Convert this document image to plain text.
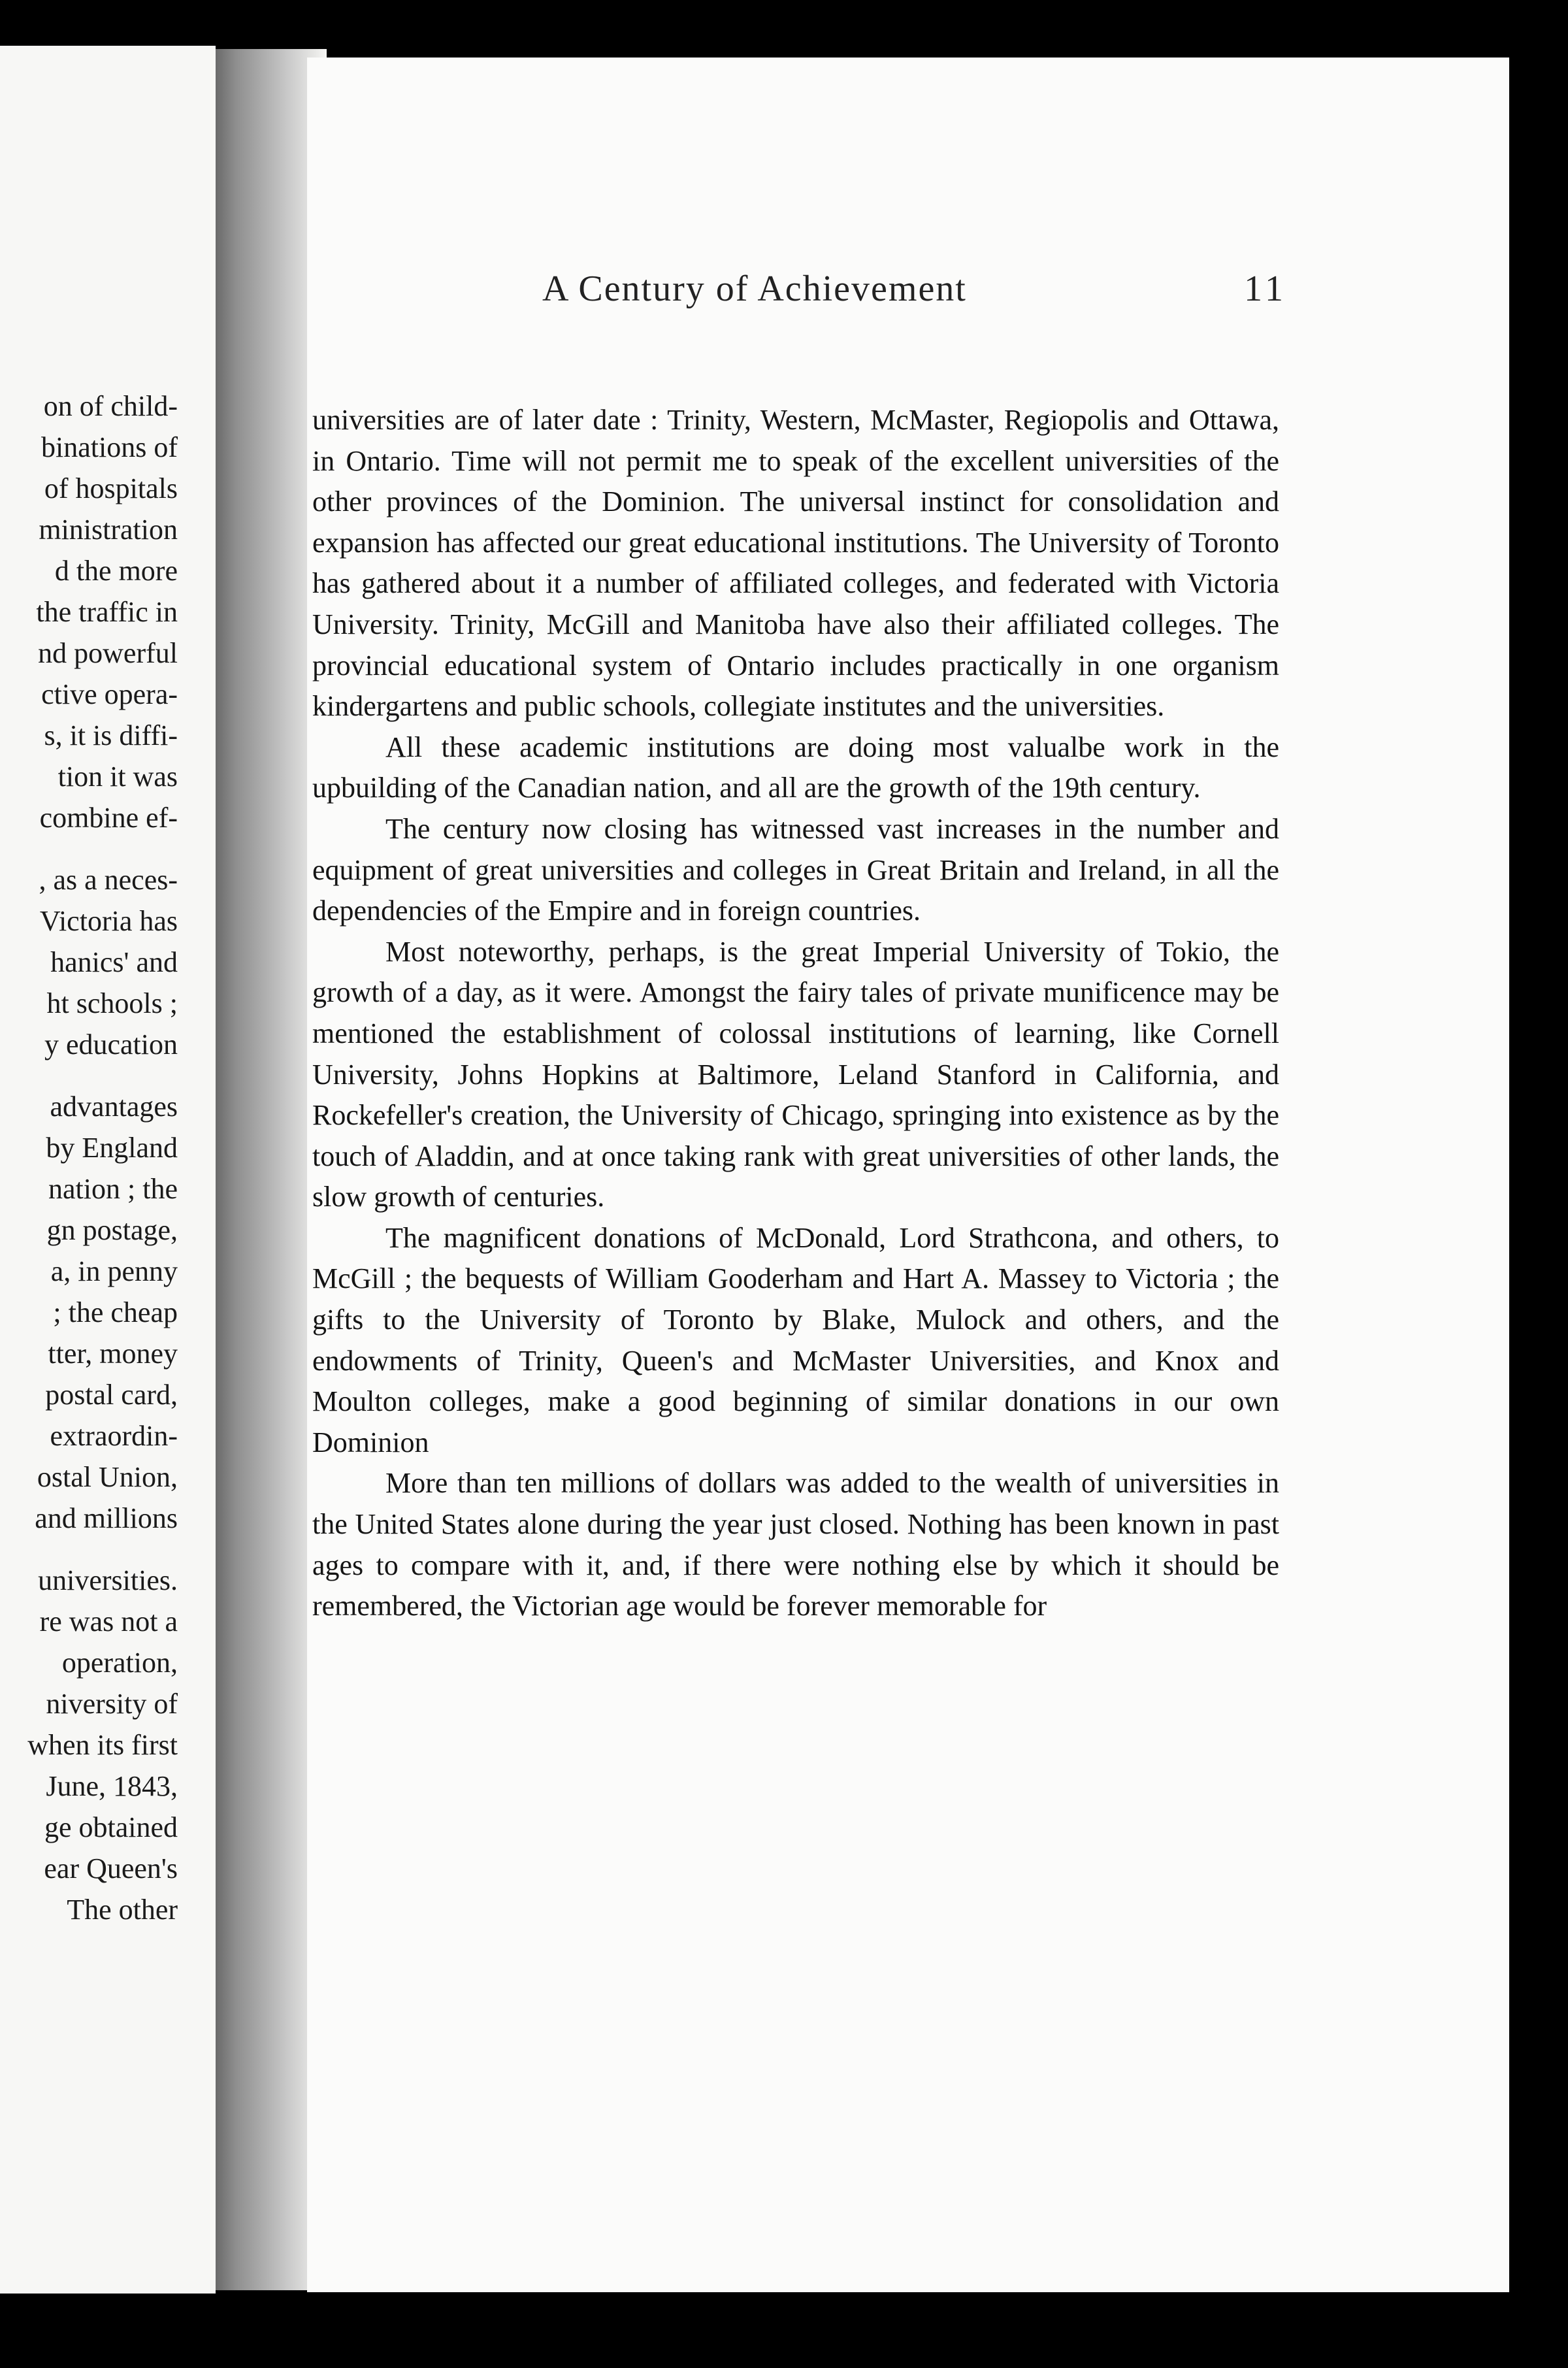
on of child-
binations of
of hospitals
ministration
d the more
the traffic in
nd powerful
ctive opera-
s, it is diffi-
tion it was
combine ef-
, as a neces-
Victoria has
hanics' and
ht schools ;
y education
advantages
by England
nation ; the
gn postage,
a, in penny
; the cheap
tter, money
postal card,
extraordin-
ostal Union,
and millions
universities.
re was not a
operation,
niversity of
when its first
June, 1843,
ge obtained
ear Queen's
The other
A Century of Achievement	11

universities are of later date : Trinity, Western, McMaster, Regiopolis and Ottawa, in Ontario. Time will not permit me to speak of the excellent universities of the other provinces of the Dominion. The universal instinct for consolidation and expansion has affected our great educational institutions. The University of Toronto has gathered about it a number of affiliated colleges, and federated with Victoria University. Trinity, McGill and Manitoba have also their affiliated colleges. The provincial educational system of Ontario includes practically in one organism kindergartens and public schools, collegiate institutes and the universities.

All these academic institutions are doing most valualbe work in the upbuilding of the Canadian nation, and all are the growth of the 19th century.

The century now closing has witnessed vast increases in the number and equipment of great universities and colleges in Great Britain and Ireland, in all the dependencies of the Empire and in foreign countries.

Most noteworthy, perhaps, is the great Imperial University of Tokio, the growth of a day, as it were. Amongst the fairy tales of private munificence may be mentioned the establishment of colossal institutions of learning, like Cornell University, Johns Hopkins at Baltimore, Leland Stanford in California, and Rockefeller's creation, the University of Chicago, springing into existence as by the touch of Aladdin, and at once taking rank with great universities of other lands, the slow growth of centuries.

The magnificent donations of McDonald, Lord Strathcona, and others, to McGill ; the bequests of William Gooderham and Hart A. Massey to Victoria ; the gifts to the University of Toronto by Blake, Mulock and others, and the endowments of Trinity, Queen's and McMaster Universities, and Knox and Moulton colleges, make a good beginning of similar donations in our own Dominion

More than ten millions of dollars was added to the wealth of universities in the United States alone during the year just closed. Nothing has been known in past ages to compare with it, and, if there were nothing else by which it should be remembered, the Victorian age would be forever memorable for
